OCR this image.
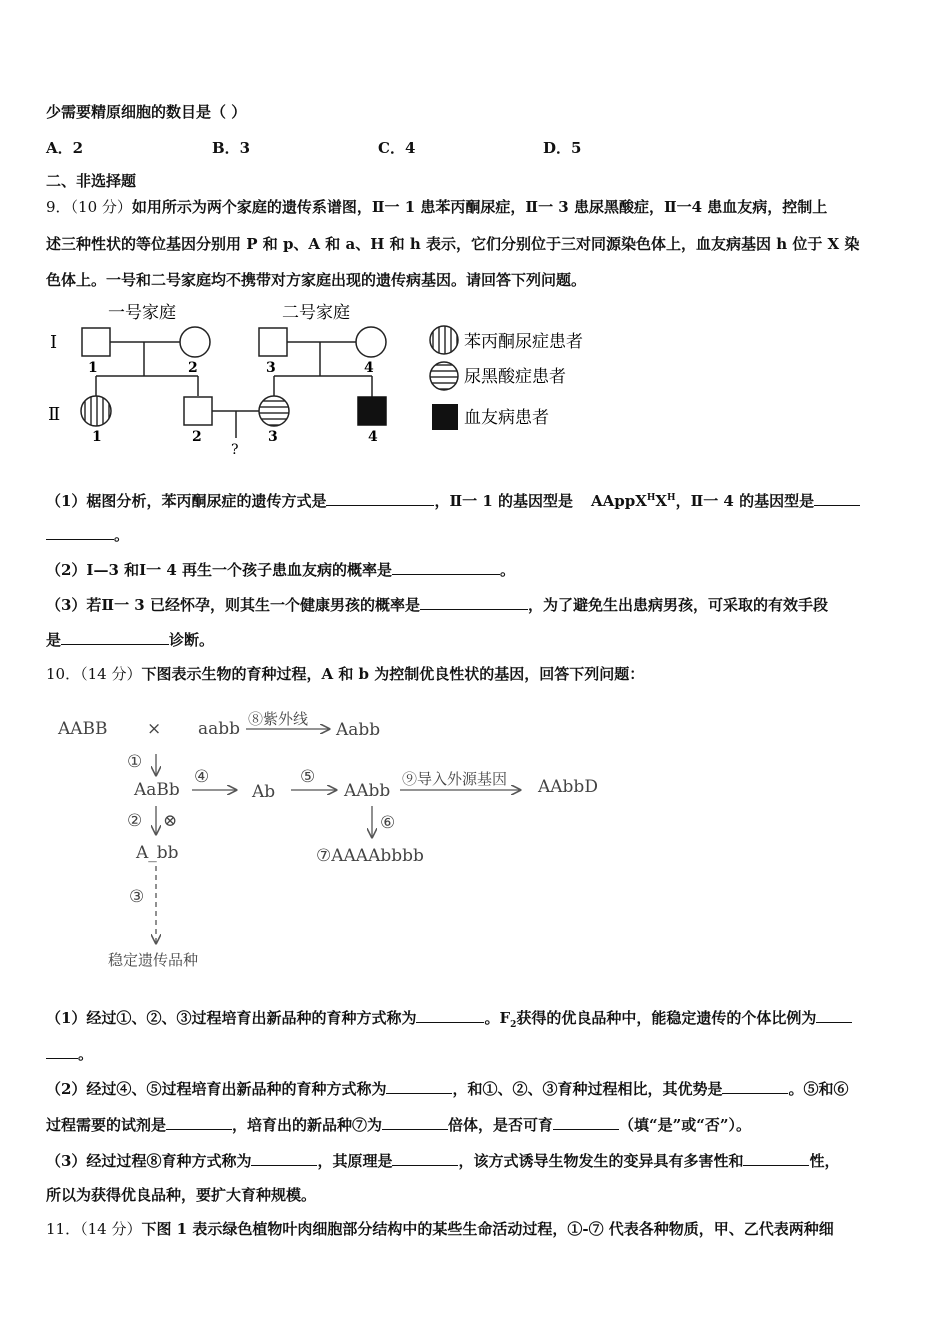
少需要精原细胞的数目是（ ）
A．2	B．3	C．4	D．5
二、非选择题
9．（10 分）如用所示为两个家庭的遗传系谱图，Ⅱ一 1 患苯丙酮尿症，Ⅱ一 3 患尿黑酸症，Ⅱ一4 患血友病，控制上
述三种性状的等位基因分别用 P 和 p、A 和 a、H 和 h 表示，它们分别位于三对同源染色体上，血友病基因 h 位于 X 染
色体上。一号和二号家庭均不携带对方家庭出现的遗传病基因。请回答下列问题。
一号家庭	二号家庭
Ⅰ
Ⅱ
1	2
1	2
?
3	4
3	4
苯丙酮尿症患者
尿黑酸症患者
血友病患者
（1）椐图分析，苯丙酮尿症的遗传方式是	，Ⅱ一 1 的基因型是 $AAppX^HX^H$，Ⅱ一 4 的基因型是
。
（2）Ⅰ—3 和Ⅰ一 4 再生一个孩子患血友病的概率是	。
（3）若Ⅱ一 3 已经怀孕，则其生一个健康男孩的概率是	，为了避免生出患病男孩，可采取的有效手段
是	诊断。
10．（14 分）下图表示生物的育种过程，A 和 b 为控制优良性状的基因，回答下列问题：
AABB × aabb ⑧紫外线
Aabb
①
AaBb
④
Ab
⑤
AAbb
⑨导入外源基因 AAbbD
② ⊗
A_bb
⑥
⑦AAAAbbbb
③
稳定遗传品种
（1）经过①、②、③过程培育出新品种的育种方式称为	。$F_2$获得的优良品种中，能稳定遗传的个体比例为
。
（2）经过④、⑤过程培育出新品种的育种方式称为	，和①、②、③育种过程相比，其优势是	。⑤和⑥
过程需要的试剂是	，培育出的新品种⑦为	倍体，是否可育	（填“是”或“否”）。
（3）经过过程⑧育种方式称为	，其原理是	，该方式诱导生物发生的变异具有多害性和	性，
所以为获得优良品种，要扩大育种规模。
11．（14 分）下图 1 表示绿色植物叶肉细胞部分结构中的某些生命活动过程，①-⑦ 代表各种物质，甲、乙代表两种细
